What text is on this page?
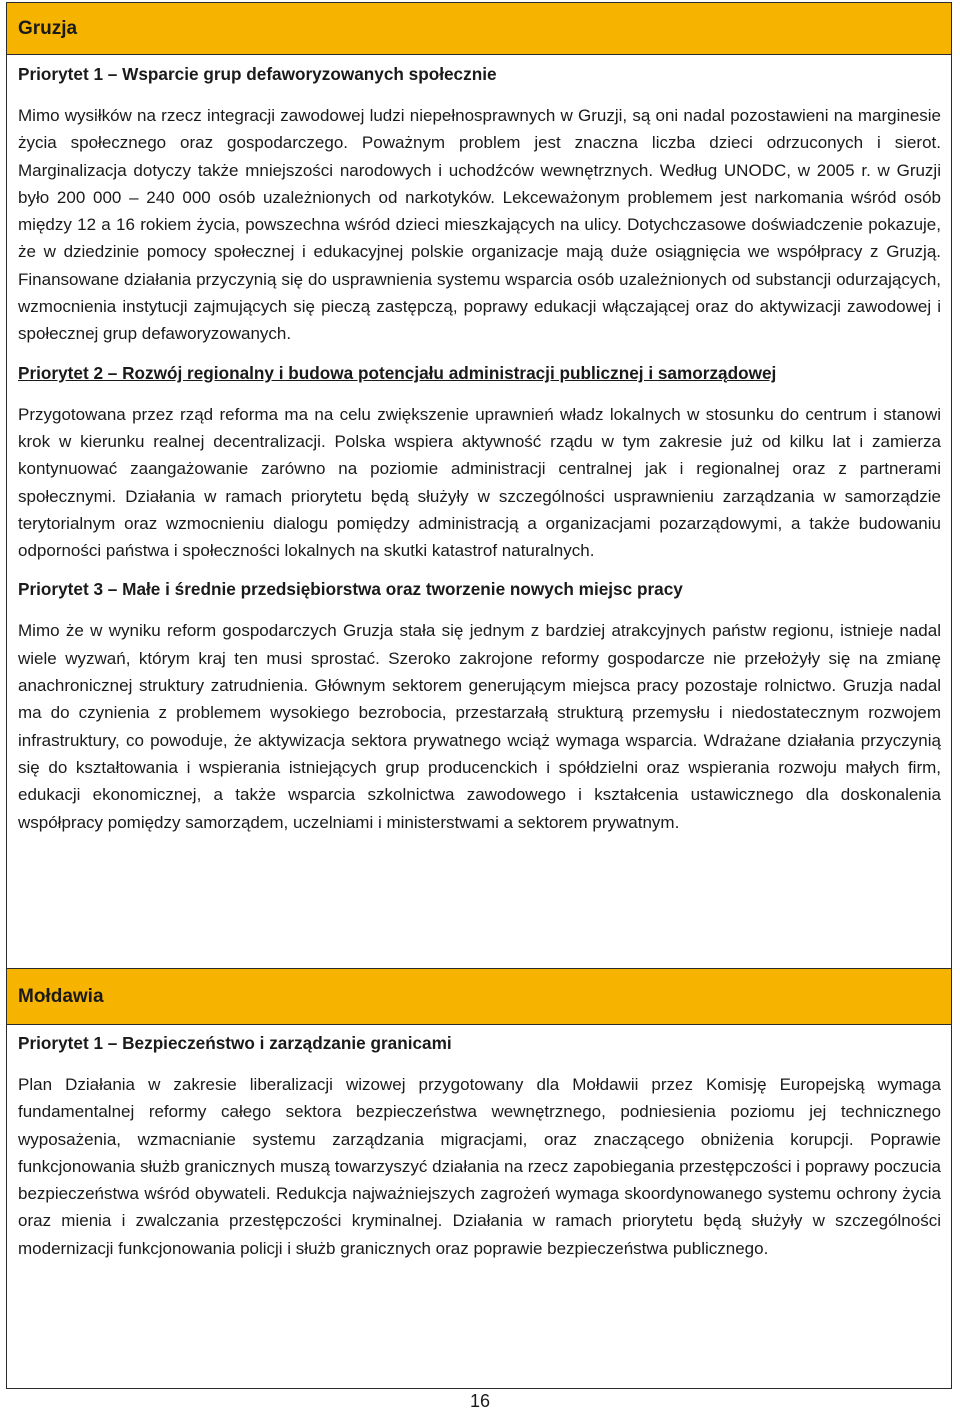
Gruzja
Priorytet 1 – Wsparcie grup defaworyzowanych społecznie

Mimo wysiłków na rzecz integracji zawodowej ludzi niepełnosprawnych w Gruzji, są oni nadal pozostawieni na marginesie życia społecznego oraz gospodarczego. Poważnym problem jest znaczna liczba dzieci odrzuconych i sierot. Marginalizacja dotyczy także mniejszości narodowych i uchodźców wewnętrznych. Według UNODC, w 2005 r. w Gruzji było 200 000 – 240 000 osób uzależnionych od narkotyków. Lekceważonym problemem jest narkomania wśród osób między 12 a 16 rokiem życia, powszechna wśród dzieci mieszkających na ulicy. Dotychczasowe doświadczenie pokazuje, że w dziedzinie pomocy społecznej i edukacyjnej polskie organizacje mają duże osiągnięcia we współpracy z Gruzją. Finansowane działania przyczynią się do usprawnienia systemu wsparcia osób uzależnionych od substancji odurzających, wzmocnienia instytucji zajmujących się pieczą zastępczą, poprawy edukacji włączającej oraz do aktywizacji zawodowej i społecznej grup defaworyzowanych.

Priorytet 2 – Rozwój regionalny i budowa potencjału administracji publicznej i samorządowej

Przygotowana przez rząd reforma ma na celu zwiększenie uprawnień władz lokalnych w stosunku do centrum i stanowi krok w kierunku realnej decentralizacji. Polska wspiera aktywność rządu w tym zakresie już od kilku lat i zamierza kontynuować zaangażowanie zarówno na poziomie administracji centralnej jak i regionalnej oraz z partnerami społecznymi. Działania w ramach priorytetu będą służyły w szczególności usprawnieniu zarządzania w samorządzie terytorialnym oraz wzmocnieniu dialogu pomiędzy administracją a organizacjami pozarządowymi, a także budowaniu odporności państwa i społeczności lokalnych na skutki katastrof naturalnych.

Priorytet 3 – Małe i średnie przedsiębiorstwa oraz tworzenie nowych miejsc pracy

Mimo że w wyniku reform gospodarczych Gruzja stała się jednym z bardziej atrakcyjnych państw regionu, istnieje nadal wiele wyzwań, którym kraj ten musi sprostać. Szeroko zakrojone reformy gospodarcze nie przełożyły się na zmianę anachronicznej struktury zatrudnienia. Głównym sektorem generującym miejsca pracy pozostaje rolnictwo. Gruzja nadal ma do czynienia z problemem wysokiego bezrobocia, przestarzałą strukturą przemysłu i niedostatecznym rozwojem infrastruktury, co powoduje, że aktywizacja sektora prywatnego wciąż wymaga wsparcia. Wdrażane działania przyczynią się do kształtowania i wspierania istniejących grup producenckich i spółdzielni oraz wspierania rozwoju małych firm, edukacji ekonomicznej, a także wsparcia szkolnictwa zawodowego i kształcenia ustawicznego dla doskonalenia współpracy pomiędzy samorządem, uczelniami i ministerstwami a sektorem prywatnym.

Mołdawia
Priorytet 1 – Bezpieczeństwo i zarządzanie granicami

Plan Działania w zakresie liberalizacji wizowej przygotowany dla Mołdawii przez Komisję Europejską wymaga fundamentalnej reformy całego sektora bezpieczeństwa wewnętrznego, podniesienia poziomu jej technicznego wyposażenia, wzmacnianie systemu zarządzania migracjami, oraz znaczącego obniżenia korupcji. Poprawie funkcjonowania służb granicznych muszą towarzyszyć działania na rzecz zapobiegania przestępczości i poprawy poczucia bezpieczeństwa wśród obywateli. Redukcja najważniejszych zagrożeń wymaga skoordynowanego systemu ochrony życia oraz mienia i zwalczania przestępczości kryminalnej. Działania w ramach priorytetu będą służyły w szczególności modernizacji funkcjonowania policji i służb granicznych oraz poprawie bezpieczeństwa publicznego.

16
